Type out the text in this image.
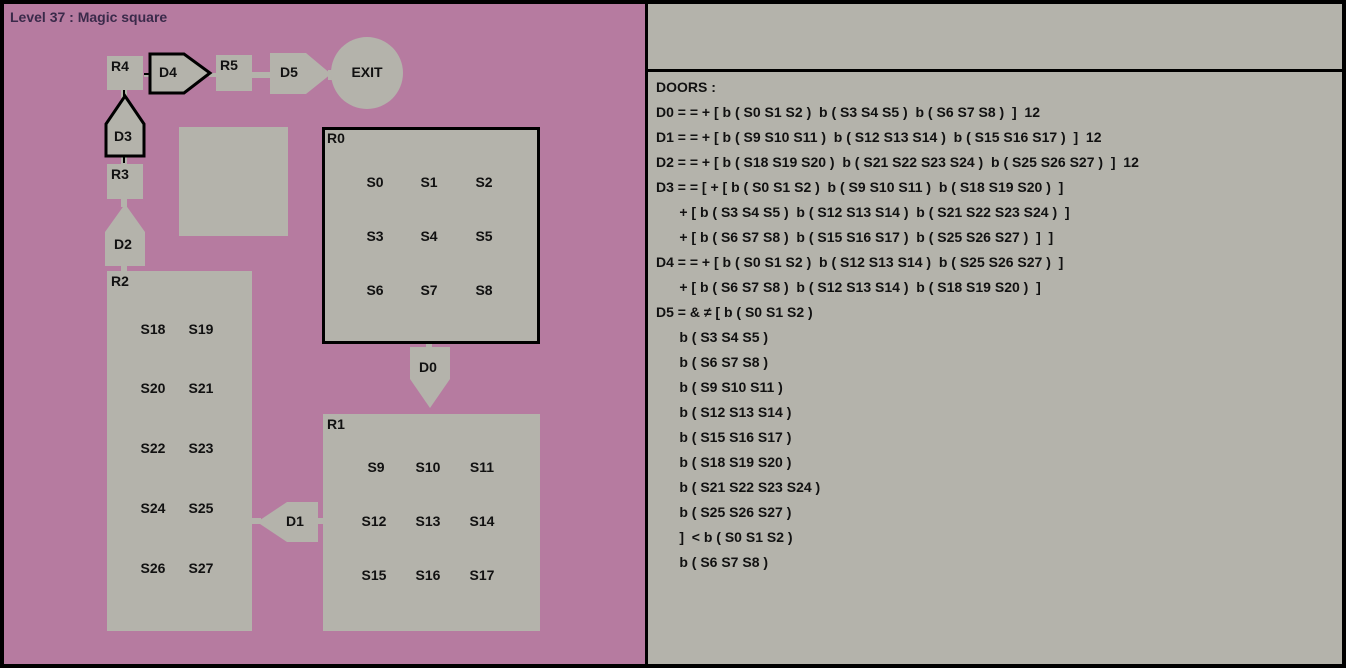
Level 37 : Magic square
R4	R5
R3
D4	D5
D3
D2
D0
D1
EXIT
R0
S0	S1	S2
S3	S4	S5
S6	S7	S8
R1
S9	S10	S11
S12	S13	S14
S15	S16	S17
R2
S18	S19
S20	S21
S22	S23
S24	S25
S26	S27
DOORS :
D0 = = + [ b ( S0 S1 S2 )  b ( S3 S4 S5 )  b ( S6 S7 S8 )  ]  12
D1 = = + [ b ( S9 S10 S11 )  b ( S12 S13 S14 )  b ( S15 S16 S17 )  ]  12
D2 = = + [ b ( S18 S19 S20 )  b ( S21 S22 S23 S24 )  b ( S25 S26 S27 )  ]  12
D3 = = [ + [ b ( S0 S1 S2 )  b ( S9 S10 S11 )  b ( S18 S19 S20 )  ]
+ [ b ( S3 S4 S5 )  b ( S12 S13 S14 )  b ( S21 S22 S23 S24 )  ]
+ [ b ( S6 S7 S8 )  b ( S15 S16 S17 )  b ( S25 S26 S27 )  ]  ]
D4 = = + [ b ( S0 S1 S2 )  b ( S12 S13 S14 )  b ( S25 S26 S27 )  ]
+ [ b ( S6 S7 S8 )  b ( S12 S13 S14 )  b ( S18 S19 S20 )  ]
D5 = & ≠ [ b ( S0 S1 S2 )
b ( S3 S4 S5 )
b ( S6 S7 S8 )
b ( S9 S10 S11 )
b ( S12 S13 S14 )
b ( S15 S16 S17 )
b ( S18 S19 S20 )
b ( S21 S22 S23 S24 )
b ( S25 S26 S27 )
]  < b ( S0 S1 S2 )
b ( S6 S7 S8 )
